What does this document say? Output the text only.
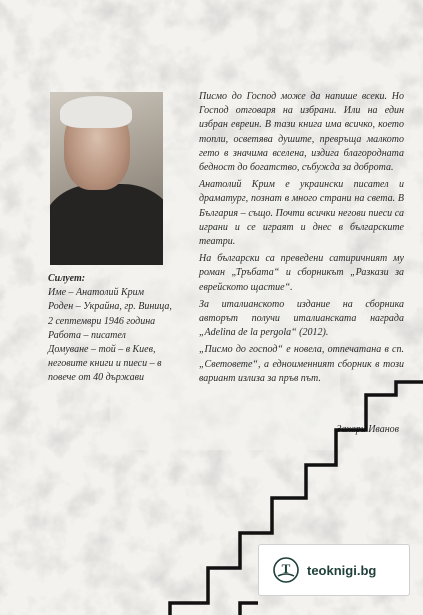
Силует:

Име – Анатолий Крим

Роден – Украйна, гр. Виница, 2 септември 1946 година

Работа – писател

Домуване – той – в Киев, неговите книги и пиеси – в повече от 40 държави

Писмо до Господ може да напише всеки. Но Господ отговаря на избрани. Или на един избран евреин. В тази книга има всичко, което топли, осветява душите, превръща малкото гето в значима вселена, издига благородната бедност до богатство, събужда за доброта.

Анатолий Крим е украински писател и драматург, познат в много страни на света. В България – също. Почти всички негови пиеси са играни и се играят и днес в българските театри.

На български са преведени сатиричният му роман „Тръбата“ и сборникът „Разкази за еврейското щастие“.

За италианското издание на сборника авторът получи италианската награда „Adelina de la pergola“ (2012).

„Писмо до господ“ е новела, отпечатана в сп. „Световете“, а едноименният сборник в този вариант излиза за пръв път.

Захари Иванов
T teoknigi.bg
